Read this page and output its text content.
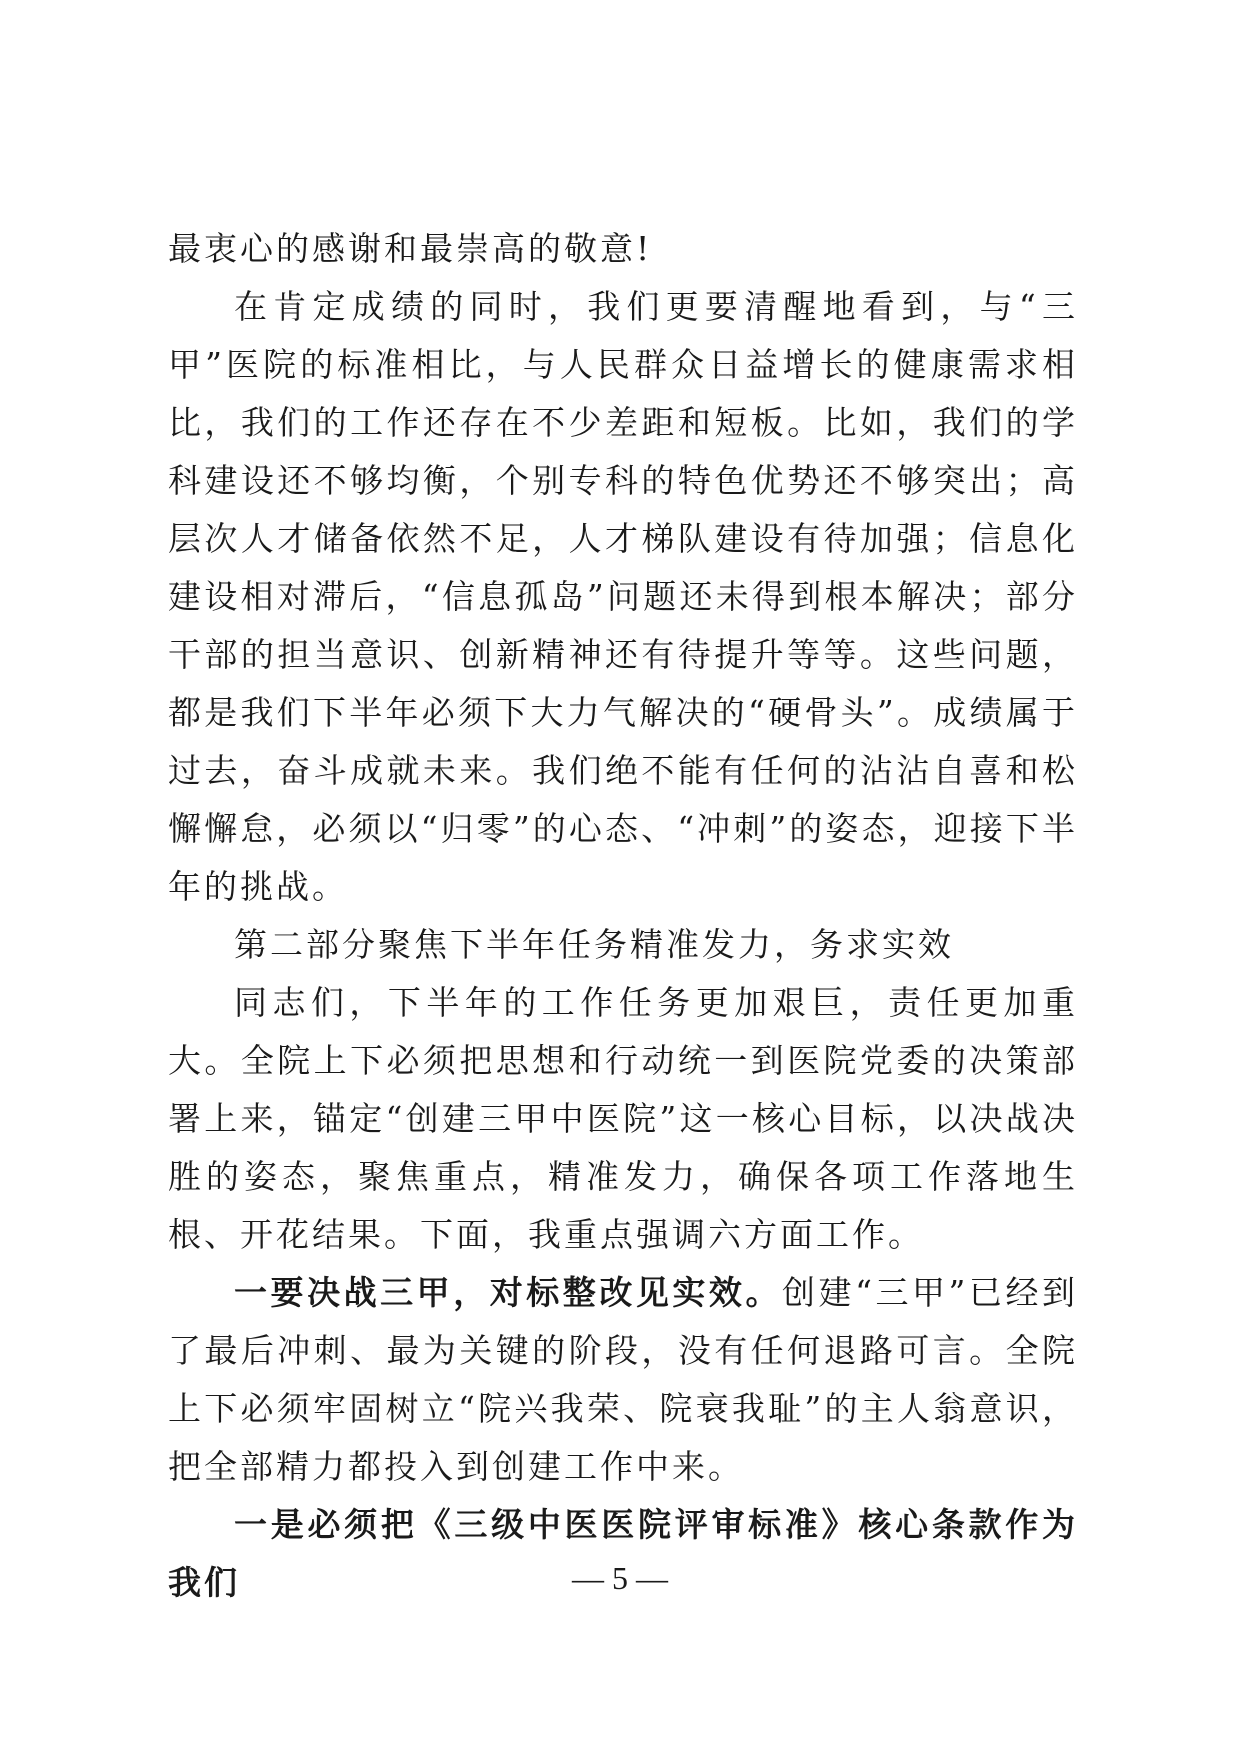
最衷心的感谢和最崇高的敬意!

在肯定成绩的同时，我们更要清醒地看到，与“三甲”医院的标准相比，与人民群众日益增长的健康需求相比，我们的工作还存在不少差距和短板。比如，我们的学科建设还不够均衡，个别专科的特色优势还不够突出；高层次人才储备依然不足，人才梯队建设有待加强；信息化建设相对滞后，“信息孤岛”问题还未得到根本解决；部分干部的担当意识、创新精神还有待提升等等。这些问题，都是我们下半年必须下大力气解决的“硬骨头”。成绩属于过去，奋斗成就未来。我们绝不能有任何的沾沾自喜和松懈懈怠，必须以“归零”的心态、“冲刺”的姿态，迎接下半年的挑战。

第二部分聚焦下半年任务精准发力，务求实效

同志们，下半年的工作任务更加艰巨，责任更加重大。全院上下必须把思想和行动统一到医院党委的决策部署上来，锚定“创建三甲中医院”这一核心目标，以决战决胜的姿态，聚焦重点，精准发力，确保各项工作落地生根、开花结果。下面，我重点强调六方面工作。

一要决战三甲，对标整改见实效。创建“三甲”已经到了最后冲刺、最为关键的阶段，没有任何退路可言。全院上下必须牢固树立“院兴我荣、院衰我耻”的主人翁意识，把全部精力都投入到创建工作中来。

一是必须把《三级中医医院评审标准》核心条款作为我们	— 5 —
